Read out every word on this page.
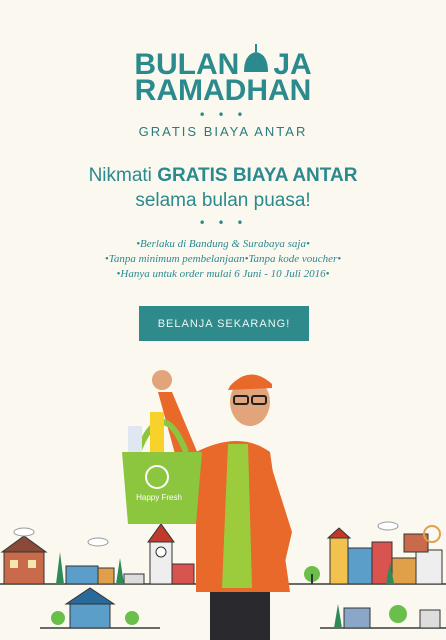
BULAN JA
RAMADHAN
• • •
GRATIS BIAYA ANTAR
Nikmati GRATIS BIAYA ANTAR
selama bulan puasa!
• • •
•Berlaku di Bandung & Surabaya saja•
•Tanpa minimum pembelanjaan•Tanpa kode voucher•
•Hanya untuk order mulai 6 Juni - 10 Juli 2016•
BELANJA SEKARANG!
Happy Fresh
